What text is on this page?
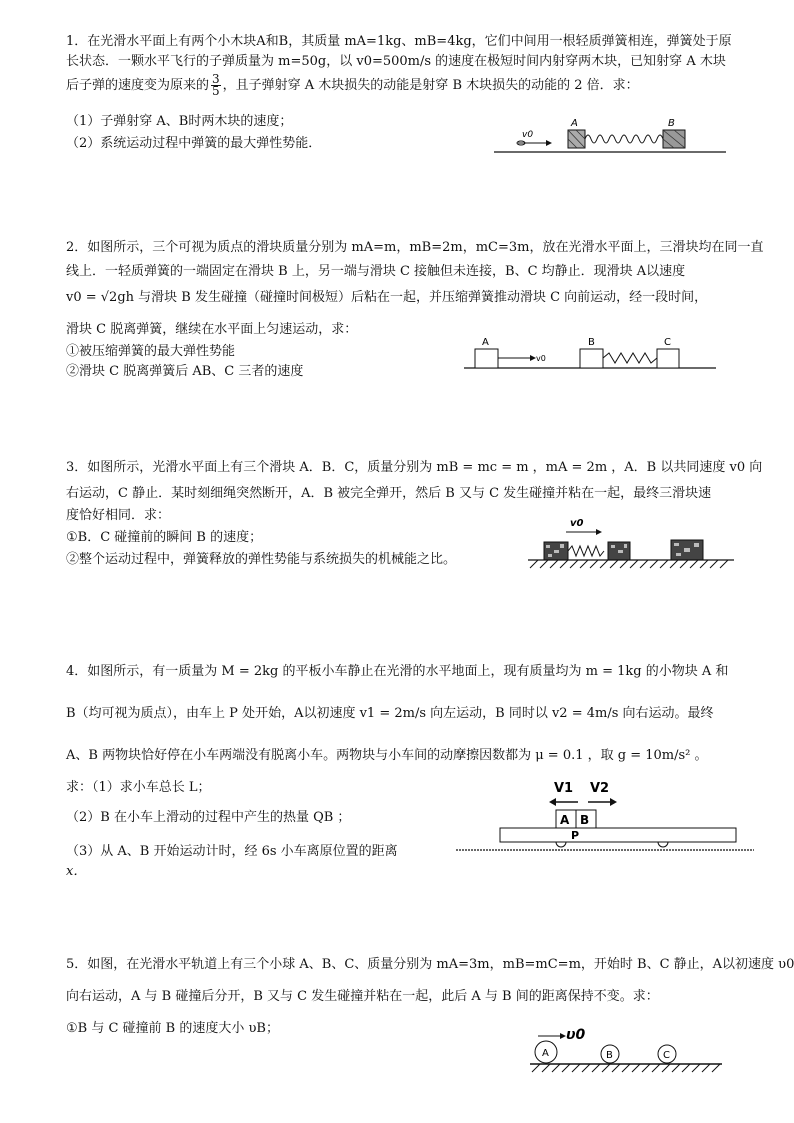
1．在光滑水平面上有两个小木块A和B，其质量 mA=1kg、mB=4kg，它们中间用一根轻质弹簧相连，弹簧处于原
长状态．一颗水平飞行的子弹质量为 m=50g，以 v0=500m/s 的速度在极短时间内射穿两木块，已知射穿 A 木块
后子弹的速度变为原来的 $\frac{3}{5}$ ，且子弹射穿 A 木块损失的动能是射穿 B 木块损失的动能的 2 倍．求：
（1）子弹射穿 A、B时两木块的速度；
（2）系统运动过程中弹簧的最大弹性势能．
v0
A	B
2．如图所示，三个可视为质点的滑块质量分别为 mA=m，mB=2m，mC=3m，放在光滑水平面上，三滑块均在同一直
线上．一轻质弹簧的一端固定在滑块 B 上，另一端与滑块 C 接触但未连接，B、C 均静止．现滑块 A以速度
v0 = √2gh 与滑块 B 发生碰撞（碰撞时间极短）后粘在一起，并压缩弹簧推动滑块 C 向前运动，经一段时间，
滑块 C 脱离弹簧，继续在水平面上匀速运动，求：
①被压缩弹簧的最大弹性势能
②滑块 C 脱离弹簧后 AB、C 三者的速度
A
v0
B	C
3．如图所示，光滑水平面上有三个滑块 A．B．C，质量分别为 mB = mc = m ，mA = 2m ，A．B 以共同速度 v0 向
右运动，C 静止．某时刻细绳突然断开，A．B 被完全弹开，然后 B 又与 C 发生碰撞并粘在一起，最终三滑块速
度恰好相同．求：
①B．C 碰撞前的瞬间 B 的速度；
②整个运动过程中，弹簧释放的弹性势能与系统损失的机械能之比。
v0
4．如图所示，有一质量为 M = 2kg 的平板小车静止在光滑的水平地面上，现有质量均为 m = 1kg 的小物块 A 和
B（均可视为质点），由车上 P 处开始，A以初速度 v1 = 2m/s 向左运动，B 同时以 v2 = 4m/s 向右运动。最终
A、B 两物块恰好停在小车两端没有脱离小车。两物块与小车间的动摩擦因数都为 μ = 0.1 ，取 g = 10m/s² 。
求：（1）求小车总长 L；
（2）B 在小车上滑动的过程中产生的热量 QB ；
（3）从 A、B 开始运动计时，经 6s 小车离原位置的距离
x．
V1 V2
A B
P
5．如图，在光滑水平轨道上有三个小球 A、B、C、质量分别为 mA=3m，mB=mC=m，开始时 B、C 静止，A以初速度 υ0
向右运动，A 与 B 碰撞后分开，B 又与 C 发生碰撞并粘在一起，此后 A 与 B 间的距离保持不变。求：
①B 与 C 碰撞前 B 的速度大小 υB；	υ0
A	B	C
